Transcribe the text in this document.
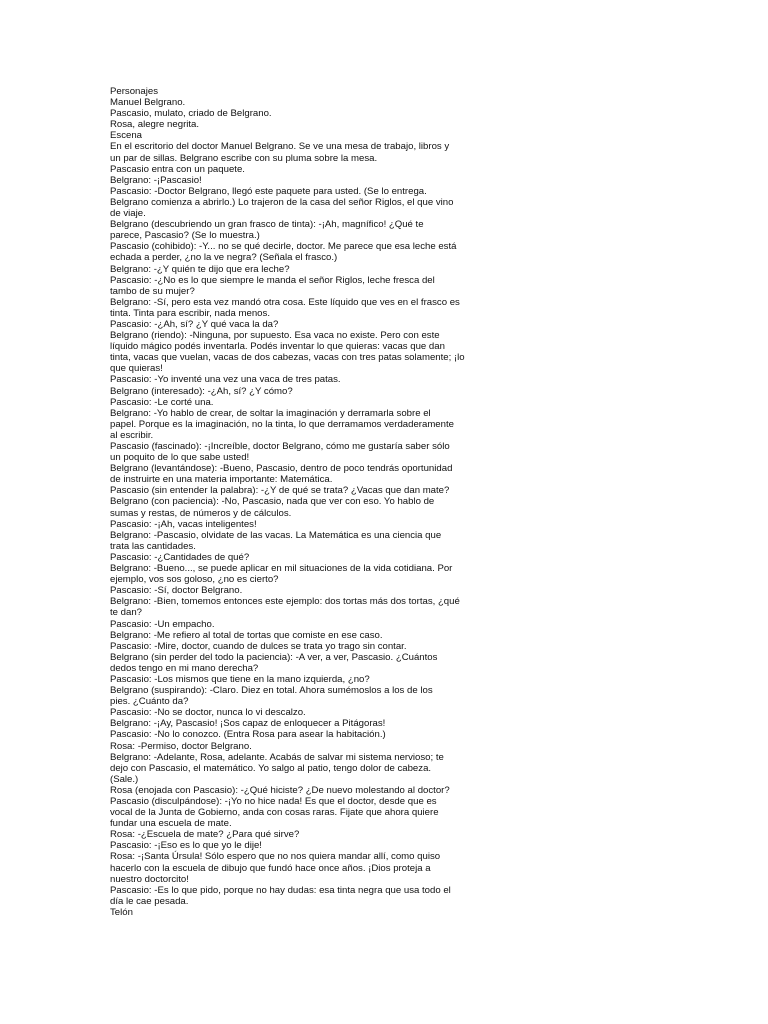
Personajes
Manuel Belgrano.
Pascasio, mulato, criado de Belgrano.
Rosa, alegre negrita.
Escena
En el escritorio del doctor Manuel Belgrano. Se ve una mesa de trabajo, libros y
un par de sillas. Belgrano escribe con su pluma sobre la mesa.
Pascasio entra con un paquete.
Belgrano: -¡Pascasio!
Pascasio: -Doctor Belgrano, llegó este paquete para usted. (Se lo entrega.
Belgrano comienza a abrirlo.) Lo trajeron de la casa del señor Riglos, el que vino
de viaje.
Belgrano (descubriendo un gran frasco de tinta): -¡Ah, magnífico! ¿Qué te
parece, Pascasio? (Se lo muestra.)
Pascasio (cohibido): -Y... no se qué decirle, doctor. Me parece que esa leche está
echada a perder, ¿no la ve negra? (Señala el frasco.)
Belgrano: -¿Y quién te dijo que era leche?
Pascasio: -¿No es lo que siempre le manda el señor Riglos, leche fresca del
tambo de su mujer?
Belgrano: -Sí, pero esta vez mandó otra cosa. Este líquido que ves en el frasco es
tinta. Tinta para escribir, nada menos.
Pascasio: -¿Ah, sí? ¿Y qué vaca la da?
Belgrano (riendo): -Ninguna, por supuesto. Esa vaca no existe. Pero con este
líquido mágico podés inventarla. Podés inventar lo que quieras: vacas que dan
tinta, vacas que vuelan, vacas de dos cabezas, vacas con tres patas solamente; ¡lo
que quieras!
Pascasio: -Yo inventé una vez una vaca de tres patas.
Belgrano (interesado): -¿Ah, sí? ¿Y cómo?
Pascasio: -Le corté una.
Belgrano: -Yo hablo de crear, de soltar la imaginación y derramarla sobre el
papel. Porque es la imaginación, no la tinta, lo que derramamos verdaderamente
al escribir.
Pascasio (fascinado): -¡Increíble, doctor Belgrano, cómo me gustaría saber sólo
un poquito de lo que sabe usted!
Belgrano (levantándose): -Bueno, Pascasio, dentro de poco tendrás oportunidad
de instruirte en una materia importante: Matemática.
Pascasio (sin entender la palabra): -¿Y de qué se trata? ¿Vacas que dan mate?
Belgrano (con paciencia): -No, Pascasio, nada que ver con eso. Yo hablo de
sumas y restas, de números y de cálculos.
Pascasio: -¡Ah, vacas inteligentes!
Belgrano: -Pascasio, olvidate de las vacas. La Matemática es una ciencia que
trata las cantidades.
Pascasio: -¿Cantidades de qué?
Belgrano: -Bueno..., se puede aplicar en mil situaciones de la vida cotidiana. Por
ejemplo, vos sos goloso, ¿no es cierto?
Pascasio: -Sí, doctor Belgrano.
Belgrano: -Bien, tomemos entonces este ejemplo: dos tortas más dos tortas, ¿qué
te dan?
Pascasio: -Un empacho.
Belgrano: -Me refiero al total de tortas que comiste en ese caso.
Pascasio: -Mire, doctor, cuando de dulces se trata yo trago sin contar.
Belgrano (sin perder del todo la paciencia): -A ver, a ver, Pascasio. ¿Cuántos
dedos tengo en mi mano derecha?
Pascasio: -Los mismos que tiene en la mano izquierda, ¿no?
Belgrano (suspirando): -Claro. Diez en total. Ahora sumémoslos a los de los
pies. ¿Cuánto da?
Pascasio: -No se doctor, nunca lo vi descalzo.
Belgrano: -¡Ay, Pascasio! ¡Sos capaz de enloquecer a Pitágoras!
Pascasio: -No lo conozco. (Entra Rosa para asear la habitación.)
Rosa: -Permiso, doctor Belgrano.
Belgrano: -Adelante, Rosa, adelante. Acabás de salvar mi sistema nervioso; te
dejo con Pascasio, el matemático. Yo salgo al patio, tengo dolor de cabeza.
(Sale.)
Rosa (enojada con Pascasio): -¿Qué hiciste? ¿De nuevo molestando al doctor?
Pascasio (disculpándose): -¡Yo no hice nada! Es que el doctor, desde que es
vocal de la Junta de Gobierno, anda con cosas raras. Fijate que ahora quiere
fundar una escuela de mate.
Rosa: -¿Escuela de mate? ¿Para qué sirve?
Pascasio: -¡Eso es lo que yo le dije!
Rosa: -¡Santa Úrsula! Sólo espero que no nos quiera mandar allí, como quiso
hacerlo con la escuela de dibujo que fundó hace once años. ¡Dios proteja a
nuestro doctorcito!
Pascasio: -Es lo que pido, porque no hay dudas: esa tinta negra que usa todo el
día le cae pesada.
Telón
